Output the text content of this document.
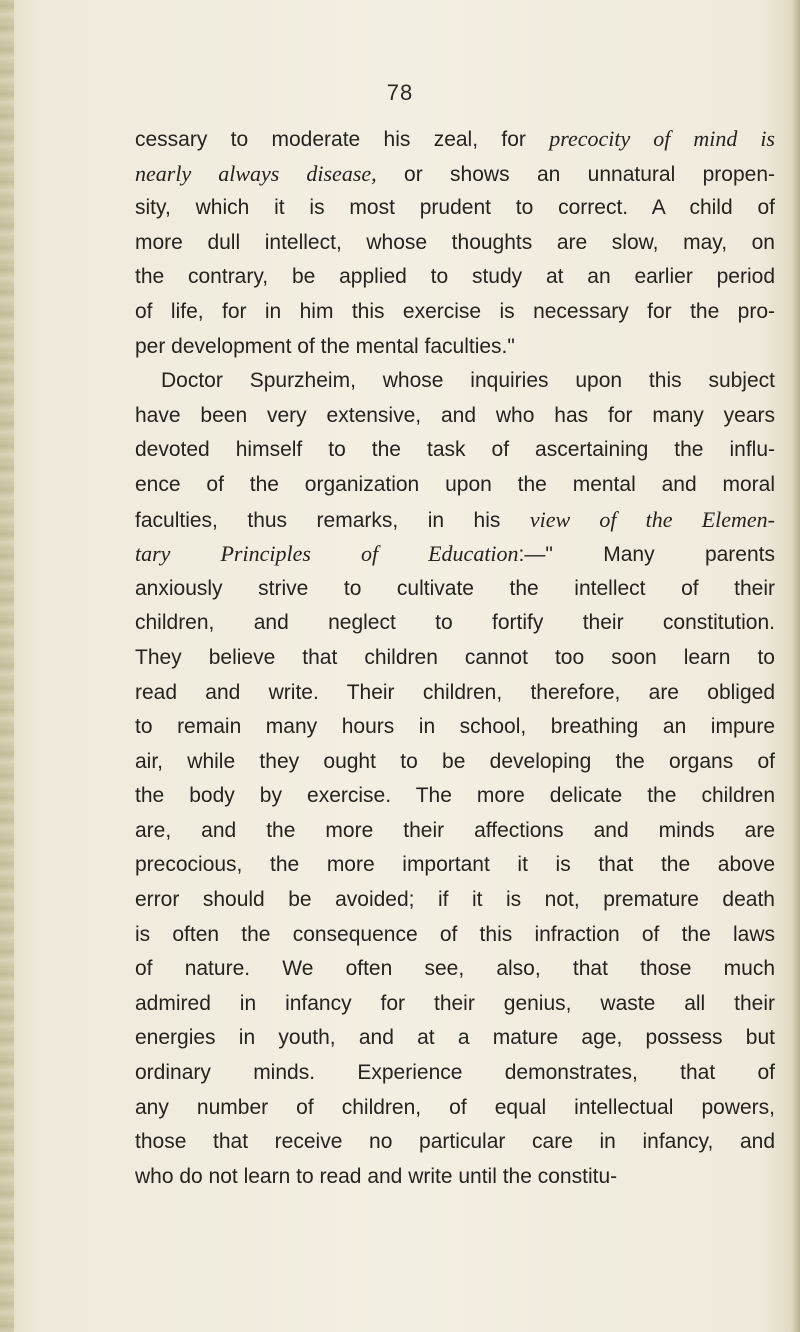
78
cessary to moderate his zeal, for precocity of mind is
nearly always disease, or shows an unnatural propen-
sity, which it is most prudent to correct. A child of
more dull intellect, whose thoughts are slow, may, on
the contrary, be applied to study at an earlier period
of life, for in him this exercise is necessary for the pro-
per development of the mental faculties."
Doctor Spurzheim, whose inquiries upon this subject
have been very extensive, and who has for many years
devoted himself to the task of ascertaining the influ-
ence of the organization upon the mental and moral
faculties, thus remarks, in his view of the Elemen-
tary Principles of Education:—" Many parents
anxiously strive to cultivate the intellect of their
children, and neglect to fortify their constitution.
They believe that children cannot too soon learn to
read and write. Their children, therefore, are obliged
to remain many hours in school, breathing an impure
air, while they ought to be developing the organs of
the body by exercise. The more delicate the children
are, and the more their affections and minds are
precocious, the more important it is that the above
error should be avoided; if it is not, premature death
is often the consequence of this infraction of the laws
of nature. We often see, also, that those much
admired in infancy for their genius, waste all their
energies in youth, and at a mature age, possess but
ordinary minds. Experience demonstrates, that of
any number of children, of equal intellectual powers,
those that receive no particular care in infancy, and
who do not learn to read and write until the constitu-
